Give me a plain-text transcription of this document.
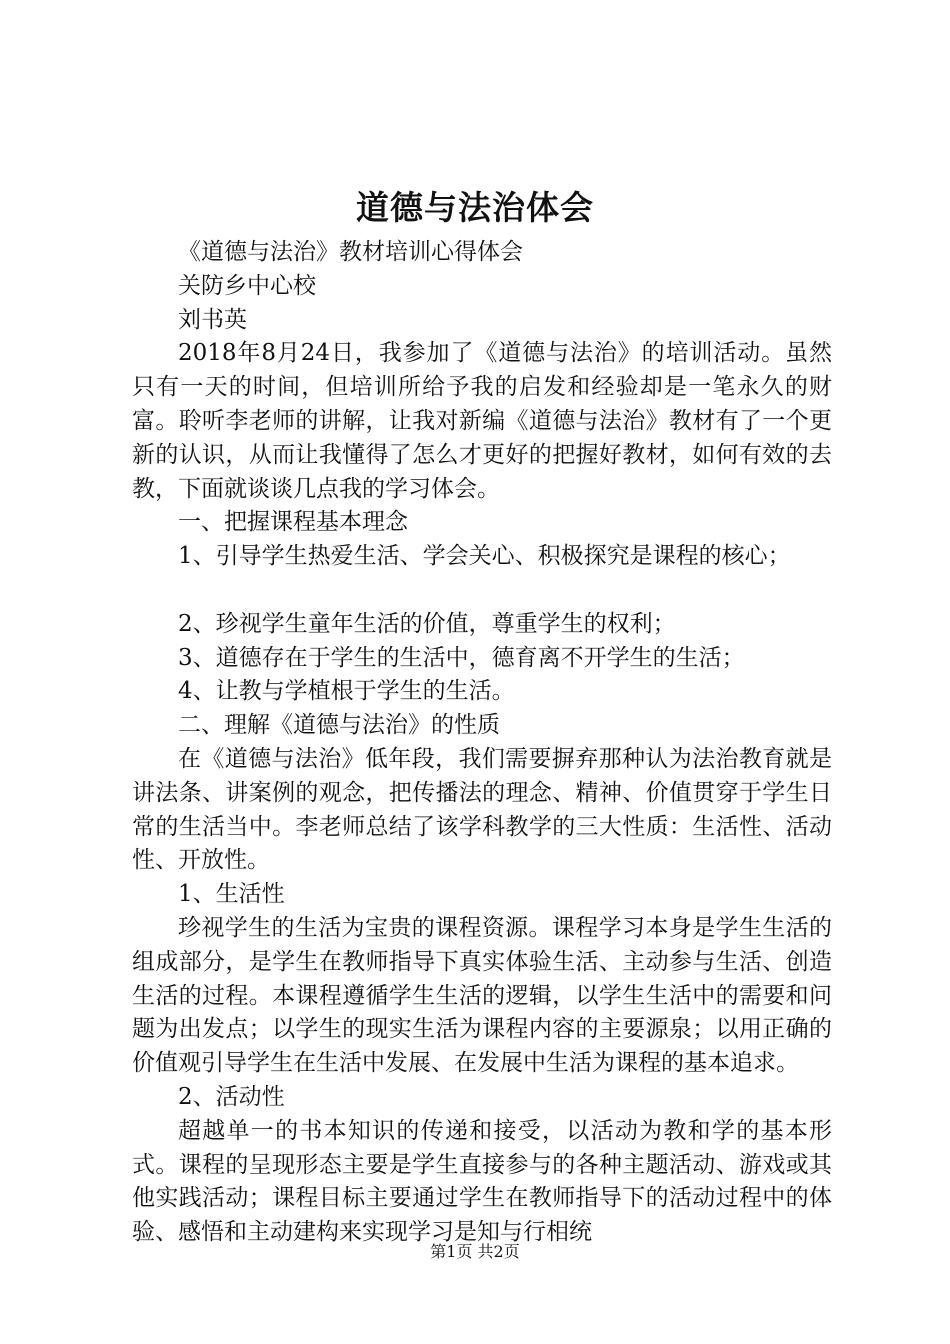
道德与法治体会

《道德与法治》教材培训心得体会

关防乡中心校

刘书英

2018年8月24日，我参加了《道德与法治》的培训活动。虽然只有一天的时间，但培训所给予我的启发和经验却是一笔永久的财富。聆听李老师的讲解，让我对新编《道德与法治》教材有了一个更新的认识，从而让我懂得了怎么才更好的把握好教材，如何有效的去教，下面就谈谈几点我的学习体会。

一、把握课程基本理念

1、引导学生热爱生活、学会关心、积极探究是课程的核心；

2、珍视学生童年生活的价值，尊重学生的权利；

3、道德存在于学生的生活中，德育离不开学生的生活；

4、让教与学植根于学生的生活。

二、理解《道德与法治》的性质

在《道德与法治》低年段，我们需要摒弃那种认为法治教育就是讲法条、讲案例的观念，把传播法的理念、精神、价值贯穿于学生日常的生活当中。李老师总结了该学科教学的三大性质：生活性、活动性、开放性。

1、生活性

珍视学生的生活为宝贵的课程资源。课程学习本身是学生生活的组成部分，是学生在教师指导下真实体验生活、主动参与生活、创造生活的过程。本课程遵循学生生活的逻辑，以学生生活中的需要和问题为出发点；以学生的现实生活为课程内容的主要源泉；以用正确的价值观引导学生在生活中发展、在发展中生活为课程的基本追求。

2、活动性

超越单一的书本知识的传递和接受，以活动为教和学的基本形式。课程的呈现形态主要是学生直接参与的各种主题活动、游戏或其他实践活动；课程目标主要通过学生在教师指导下的活动过程中的体验、感悟和主动建构来实现学习是知与行相统

第1页 共2页
